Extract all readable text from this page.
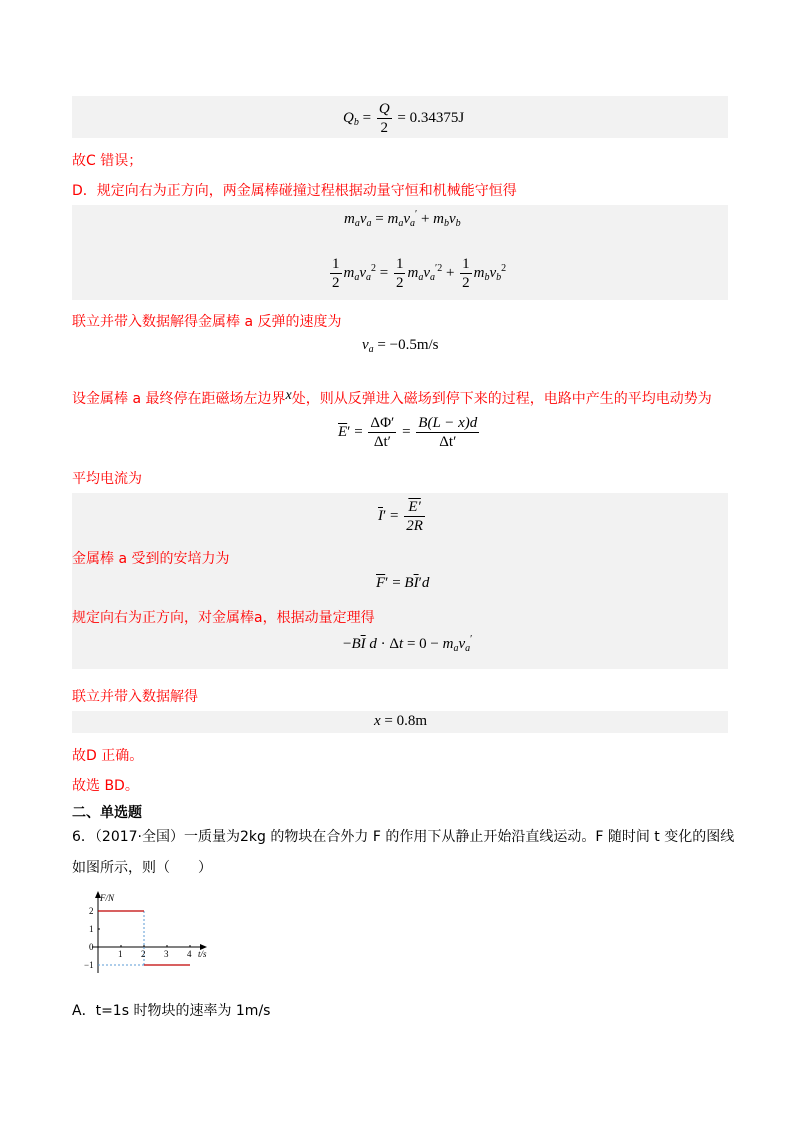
$Q_b = \frac{Q}{2} = 0.34375J$
故C 错误；
D．规定向右为正方向，两金属棒碰撞过程根据动量守恒和机械能守恒得
$m_av_a = m_av_a' + m_bv_b$
$\frac{1}{2} m_av_a^2 = \frac{1}{2} m_av_a^{'2} + \frac{1}{2} m_bv_b^2$
联立并带入数据解得金属棒 a 反弹的速度为
$v_a = -0.5m/s$
设金属棒 a 最终停在距磁场左边界x处，则从反弹进入磁场到停下来的过程，电路中产生的平均电动势为
$\overline{E}' = \frac{\Delta\Phi'}{\Delta t'} = \frac{B(L - x)d}{\Delta t'}$
平均电流为
$\overline{I}' = \frac{E'}{2R}$
金属棒 a 受到的安培力为
$\overline{F}' = B\overline{I}'d$
规定向右为正方向，对金属棒a，根据动量定理得
$-B\overline{I}$ $d \cdot \Delta t = 0 - m_av_a'$
联立并带入数据解得
x = 0.8m
故D 正确。
故选 BD。
二、单选题
6．（2017·全国）一质量为2kg 的物块在合外力 F 的作用下从静止开始沿直线运动。F 随时间 t 变化的图线
如图所示，则（　　）
1 2 3 4
2
1
0
−1
F/N
t/s
A．t=1s 时物块的速率为 1m/s
